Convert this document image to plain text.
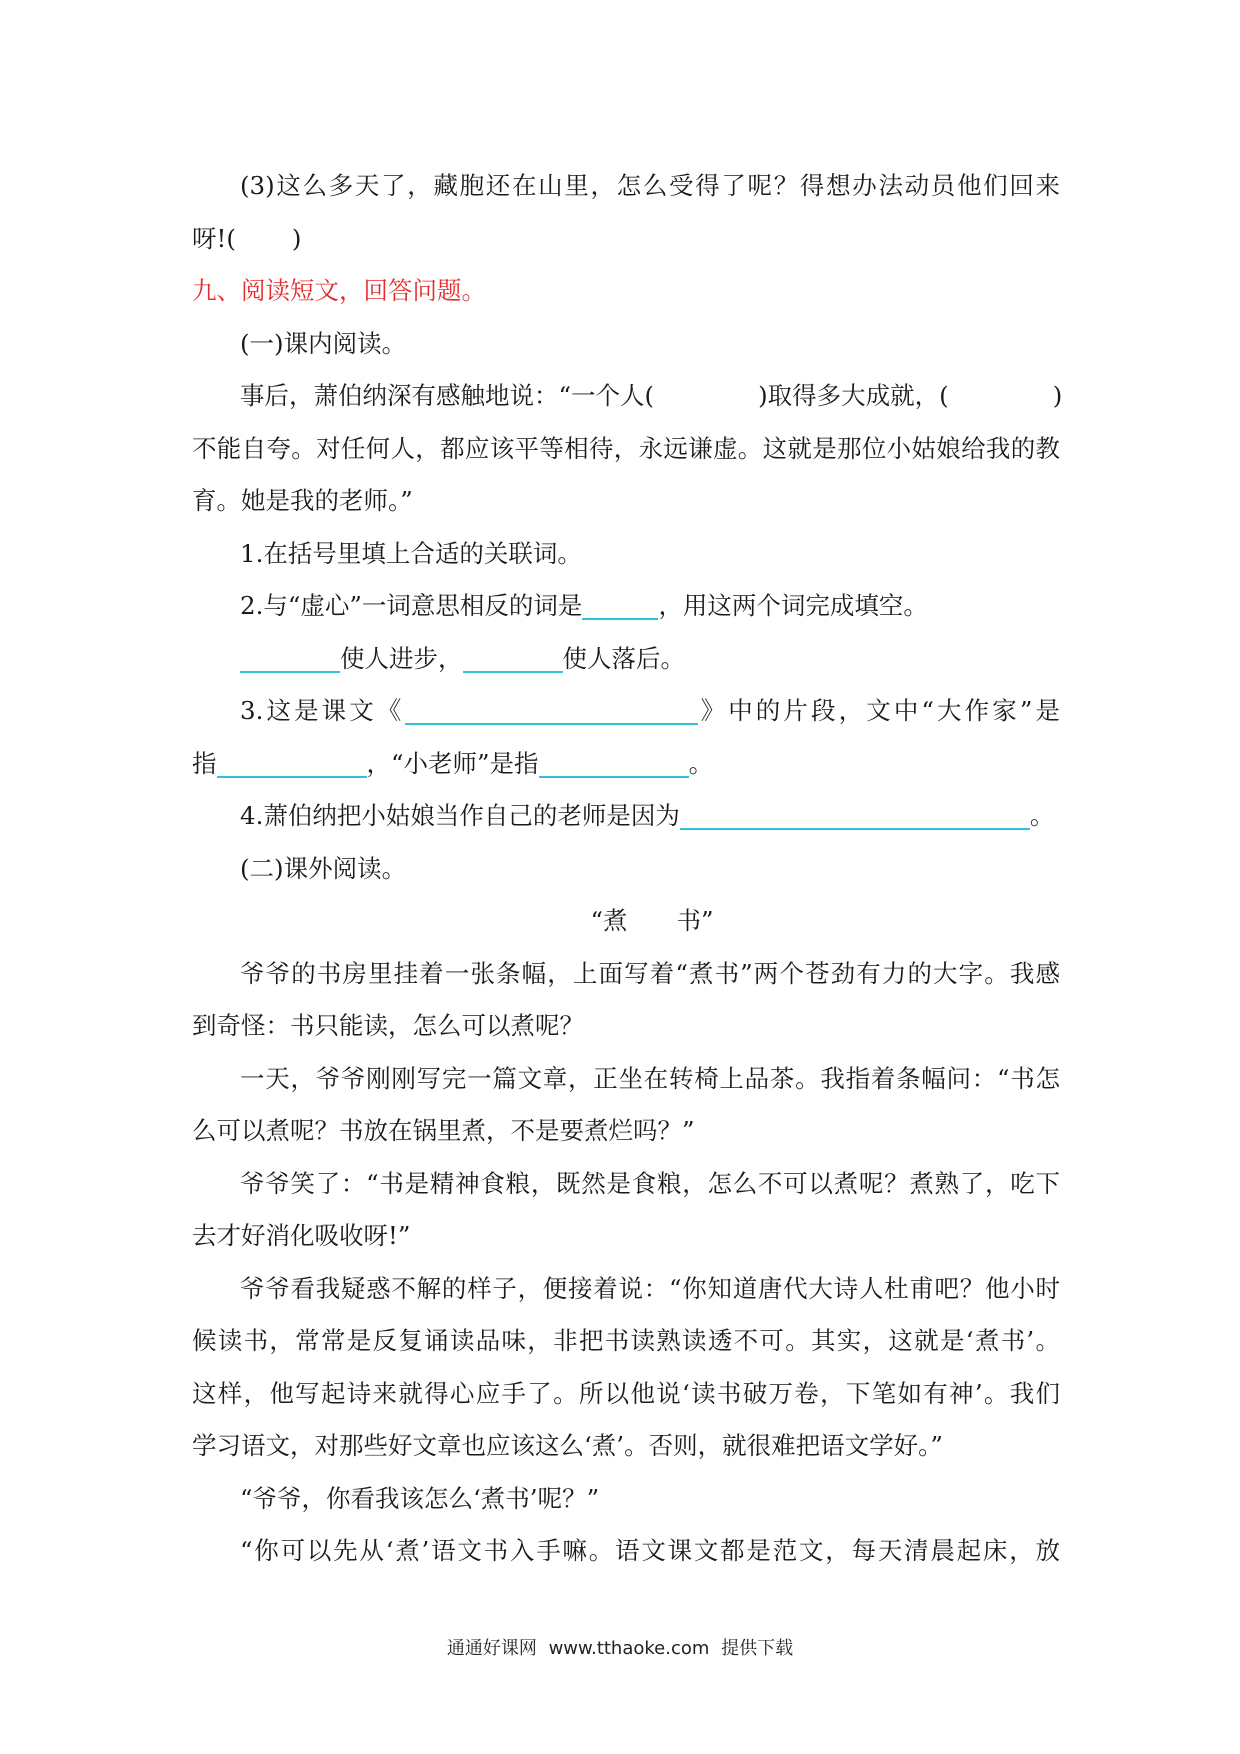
(3)这么多天了，藏胞还在山里，怎么受得了呢？得想办法动员他们回来
呀!( )
九、阅读短文，回答问题。
(一)课内阅读。
事后，萧伯纳深有感触地说：“一个人(	)取得多大成就，(	)
不能自夸。对任何人，都应该平等相待，永远谦虚。这就是那位小姑娘给我的教
育。她是我的老师。”
1.在括号里填上合适的关联词。
2.与“虚心”一词意思相反的词是	，用这两个词完成填空。
使人进步，	使人落后。
3.这是课文《	》中的片段，文中“大作家”是
指	，“小老师”是指	。
4.萧伯纳把小姑娘当作自己的老师是因为	。
(二)课外阅读。
“煮　　书”
爷爷的书房里挂着一张条幅，上面写着“煮书”两个苍劲有力的大字。我感
到奇怪：书只能读，怎么可以煮呢？
一天，爷爷刚刚写完一篇文章，正坐在转椅上品茶。我指着条幅问：“书怎
么可以煮呢？书放在锅里煮，不是要煮烂吗？”
爷爷笑了：“书是精神食粮，既然是食粮，怎么不可以煮呢？煮熟了，吃下
去才好消化吸收呀!”
爷爷看我疑惑不解的样子，便接着说：“你知道唐代大诗人杜甫吧？他小时
候读书，常常是反复诵读品味，非把书读熟读透不可。其实，这就是‘煮书’。
这样，他写起诗来就得心应手了。所以他说‘读书破万卷，下笔如有神’。我们
学习语文，对那些好文章也应该这么‘煮’。否则，就很难把语文学好。”
“爷爷，你看我该怎么‘煮书’呢？”
“你可以先从‘煮’语文书入手嘛。语文课文都是范文，每天清晨起床，放
通通好课网 www.tthaoke.com 提供下载
